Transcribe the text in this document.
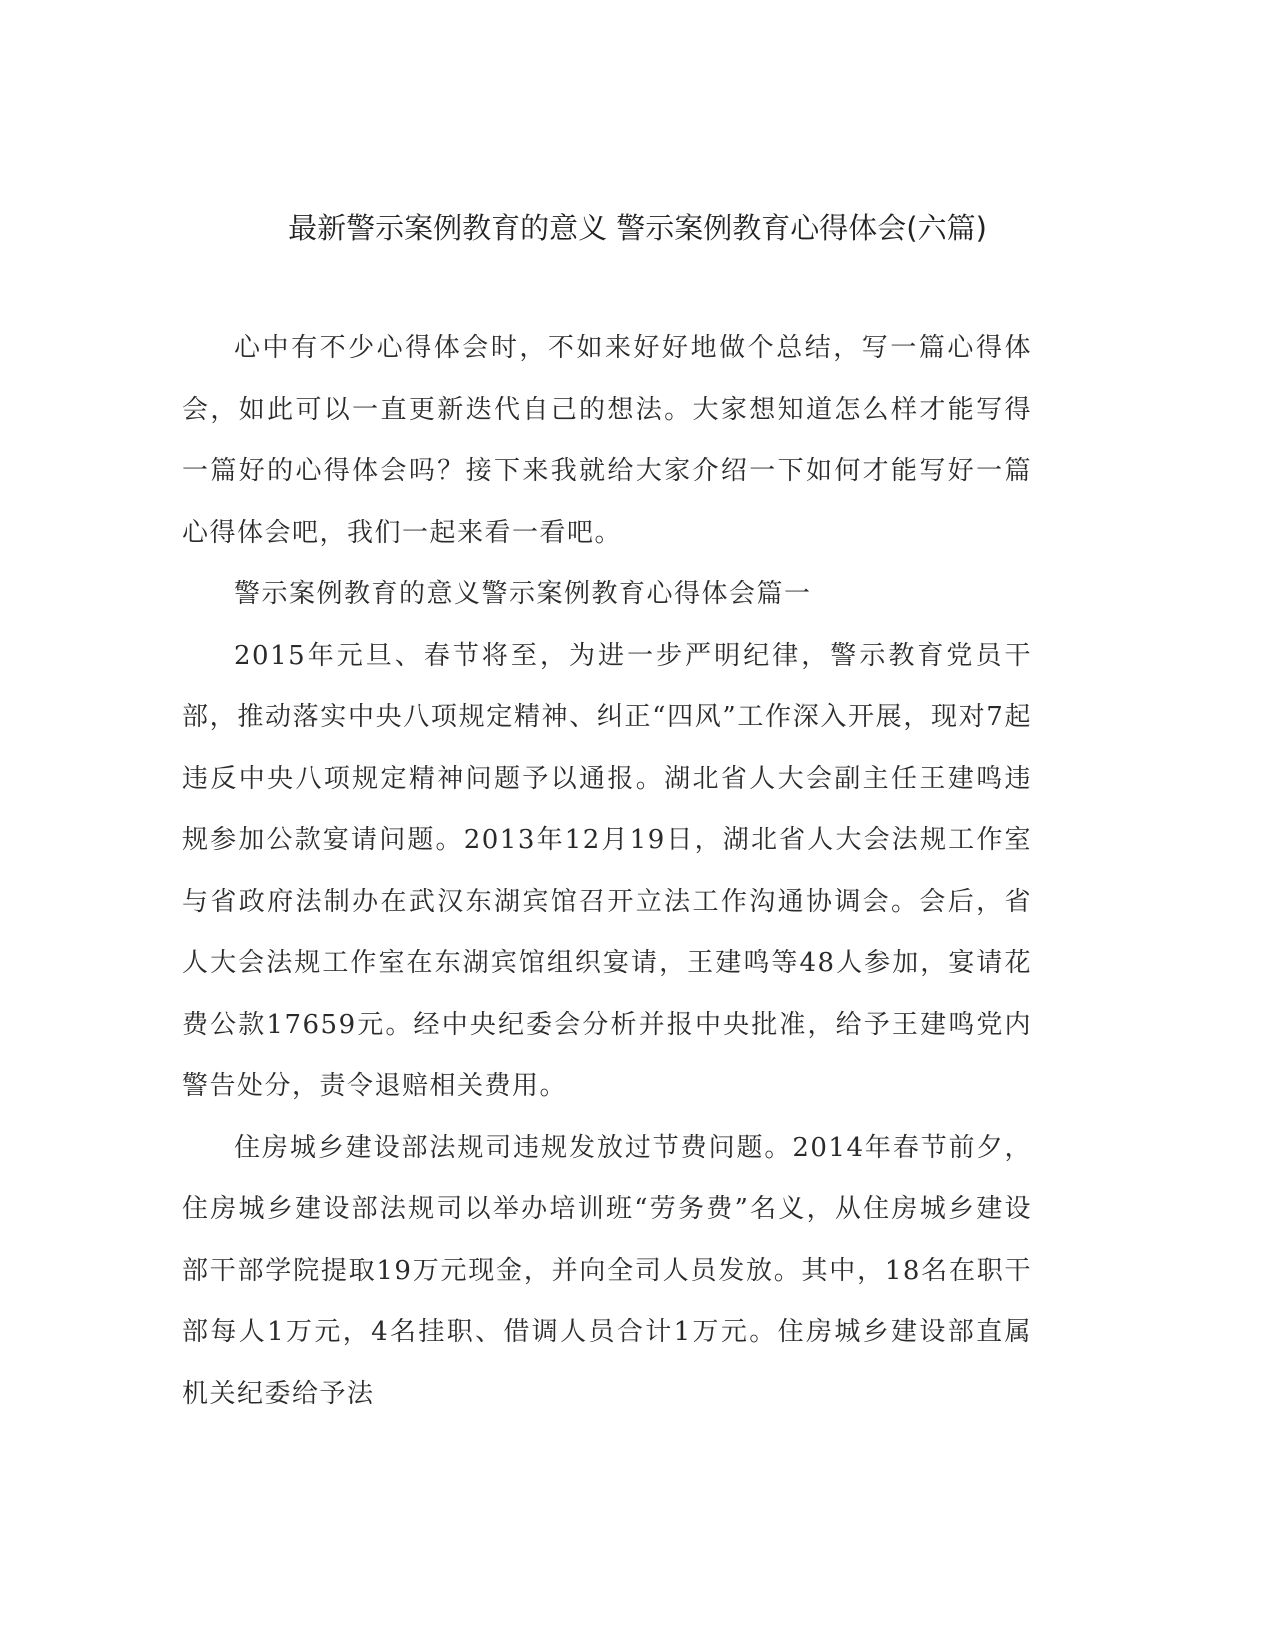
最新警示案例教育的意义 警示案例教育心得体会(六篇)

心中有不少心得体会时，不如来好好地做个总结，写一篇心得体会，如此可以一直更新迭代自己的想法。大家想知道怎么样才能写得一篇好的心得体会吗？接下来我就给大家介绍一下如何才能写好一篇心得体会吧，我们一起来看一看吧。

警示案例教育的意义警示案例教育心得体会篇一

2015年元旦、春节将至，为进一步严明纪律，警示教育党员干部，推动落实中央八项规定精神、纠正“四风”工作深入开展，现对7起违反中央八项规定精神问题予以通报。湖北省人大会副主任王建鸣违规参加公款宴请问题。2013年12月19日，湖北省人大会法规工作室与省政府法制办在武汉东湖宾馆召开立法工作沟通协调会。会后，省人大会法规工作室在东湖宾馆组织宴请，王建鸣等48人参加，宴请花费公款17659元。经中央纪委会分析并报中央批准，给予王建鸣党内警告处分，责令退赔相关费用。

住房城乡建设部法规司违规发放过节费问题。2014年春节前夕，住房城乡建设部法规司以举办培训班“劳务费”名义，从住房城乡建设部干部学院提取19万元现金，并向全司人员发放。其中，18名在职干部每人1万元，4名挂职、借调人员合计1万元。住房城乡建设部直属机关纪委给予法
